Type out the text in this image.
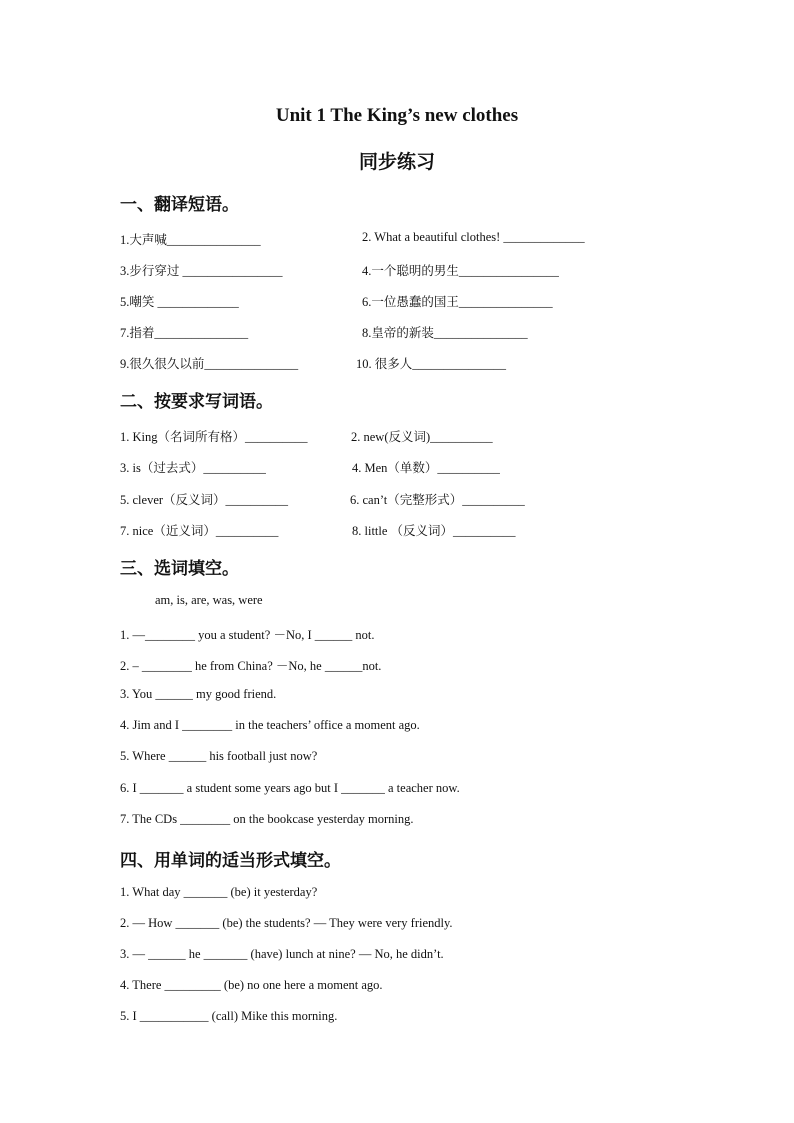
Unit 1 The King’s new clothes
同步练习
一、翻译短语。
1.大声喊_______________	2. What a beautiful clothes! _____________
3.步行穿过 ________________	4.一个聪明的男生________________
5.嘲笑 _____________	6.一位愚蠢的国王_______________
7.指着_______________	8.皇帝的新装_______________
9.很久很久以前_______________	10. 很多人_______________
二、按要求写词语。
1. King（名词所有格）__________	2. new(反义词)__________
3. is（过去式）__________	4. Men（单数）__________
5. clever（反义词）__________	6. can’t（完整形式）__________
7. nice（近义词）__________	8. little （反义词）__________
三、选词填空。
am, is, are, was, were
1. —________ you a student? －No, I ______ not.
2. – ________ he from China? －No, he ______not.
3. You ______ my good friend.
4. Jim and I ________ in the teachers’ office a moment ago.
5. Where ______ his football just now?
6. I _______ a student some years ago but I _______ a teacher now.
7. The CDs ________ on the bookcase yesterday morning.
四、用单词的适当形式填空。
1. What day _______ (be) it yesterday?
2. — How _______ (be) the students? — They were very friendly.
3. — ______ he _______ (have) lunch at nine? — No, he didn’t.
4. There _________ (be) no one here a moment ago.
5. I ___________ (call) Mike this morning.
